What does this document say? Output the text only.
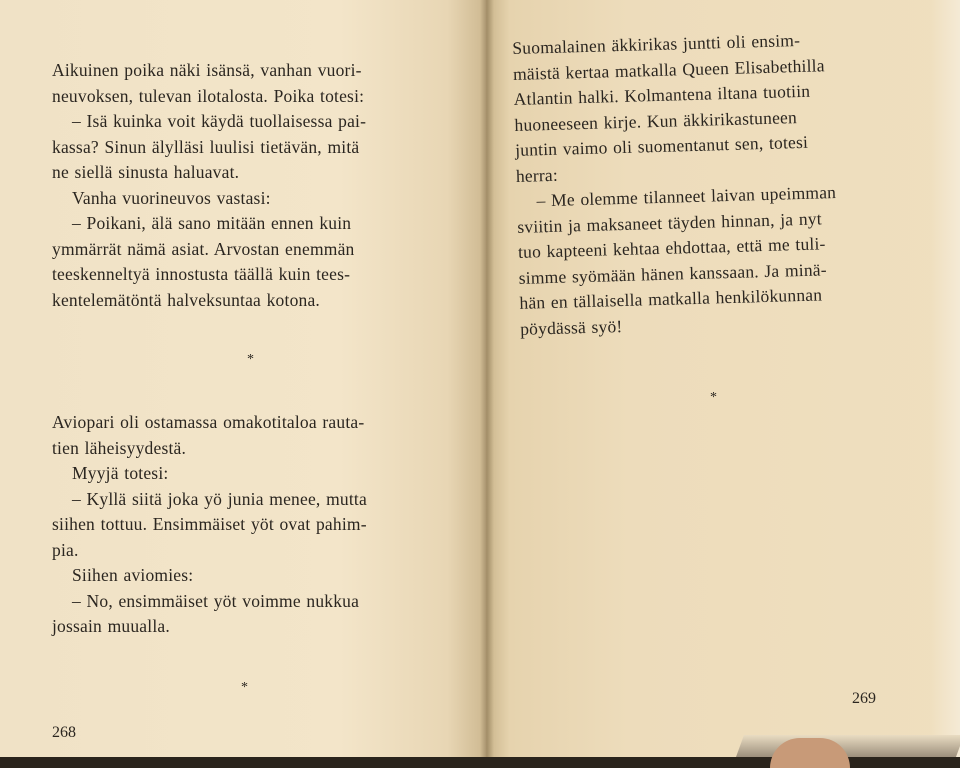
Aikuinen poika näki isänsä, vanhan vuori-
neuvoksen, tulevan ilotalosta. Poika totesi:
– Isä kuinka voit käydä tuollaisessa pai-
kassa? Sinun älylläsi luulisi tietävän, mitä
ne siellä sinusta haluavat.
Vanha vuorineuvos vastasi:
– Poikani, älä sano mitään ennen kuin
ymmärrät nämä asiat. Arvostan enemmän
teeskenneltyä innostusta täällä kuin tees-
kentelemätöntä halveksuntaa kotona.
*
Aviopari oli ostamassa omakotitaloa rauta-
tien läheisyydestä.
Myyjä totesi:
– Kyllä siitä joka yö junia menee, mutta
siihen tottuu. Ensimmäiset yöt ovat pahim-
pia.
Siihen aviomies:
– No, ensimmäiset yöt voimme nukkua
jossain muualla.
*
268
Suomalainen äkkirikas juntti oli ensim-
mäistä kertaa matkalla Queen Elisabethilla
Atlantin halki. Kolmantena iltana tuotiin
huoneeseen kirje. Kun äkkirikastuneen
juntin vaimo oli suomentanut sen, totesi
herra:
– Me olemme tilanneet laivan upeimman
sviitin ja maksaneet täyden hinnan, ja nyt
tuo kapteeni kehtaa ehdottaa, että me tuli-
simme syömään hänen kanssaan. Ja minä-
hän en tällaisella matkalla henkilökunnan
pöydässä syö!
*
269
